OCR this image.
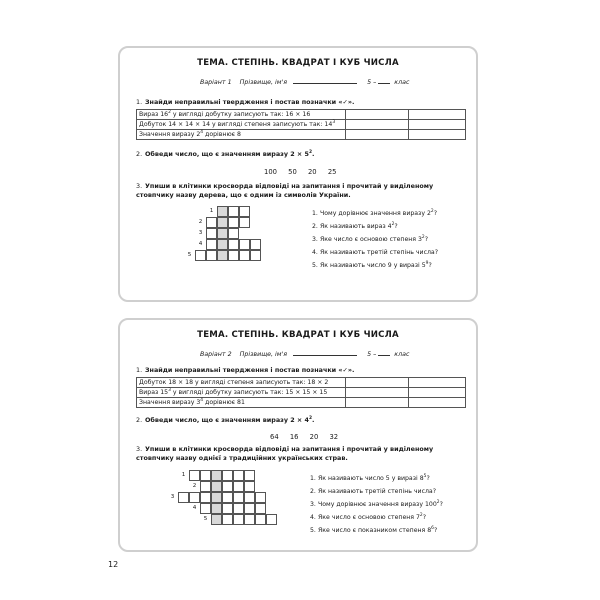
ТЕМА. СТЕПІНЬ. КВАДРАТ І КУБ ЧИСЛА
Варіант 1 Прізвище, ім'я	5 –	клас
1. Знайди неправильні твердження і постав позначки «✓».
Вираз $16^2$ у вигляді добутку записують так: 16 × 16		
Добуток 14 × 14 × 14 у вигляді степеня записують так: $14^3$		
Значення виразу $2^4$ дорівнює 8		
2. Обведи число, що є значенням виразу $2 \times 5^2$.
100 50 20 25
3. Упиши в клітинки кросворда відповіді на запитання і прочитай у виділеному стовпчику назву дерева, що є одним із символів України.
1
2
3
4
5
1. Чому дорівнює значення виразу $2^2$?
2. Як називають вираз $4^2$?
3. Яке число є основою степеня $3^2$?
4. Як називають третій степінь числа?
5. Як називають число 9 у виразі $5^9$?
ТЕМА. СТЕПІНЬ. КВАДРАТ І КУБ ЧИСЛА
Варіант 2 Прізвище, ім'я	5 –	клас
1. Знайди неправильні твердження і постав позначки «✓».
Добуток 18 × 18 у вигляді степеня записують так: 18 × 2		
Вираз $15^3$ у вигляді добутку записують так: 15 × 15 × 15		
Значення виразу $3^4$ дорівнює 81		
2. Обведи число, що є значенням виразу $2 \times 4^2$.
64 16 20 32
3. Упиши в клітинки кросворда відповіді на запитання і прочитай у виділеному стовпчику назву однієї з традиційних українських страв.
1
2
3
4
5
1. Як називають число 5 у виразі $8^5$?
2. Як називають третій степінь числа?
3. Чому дорівнює значення виразу $100^2$?
4. Яке число є основою степеня $7^2$?
5. Яке число є показником степеня $8^6$?
12
